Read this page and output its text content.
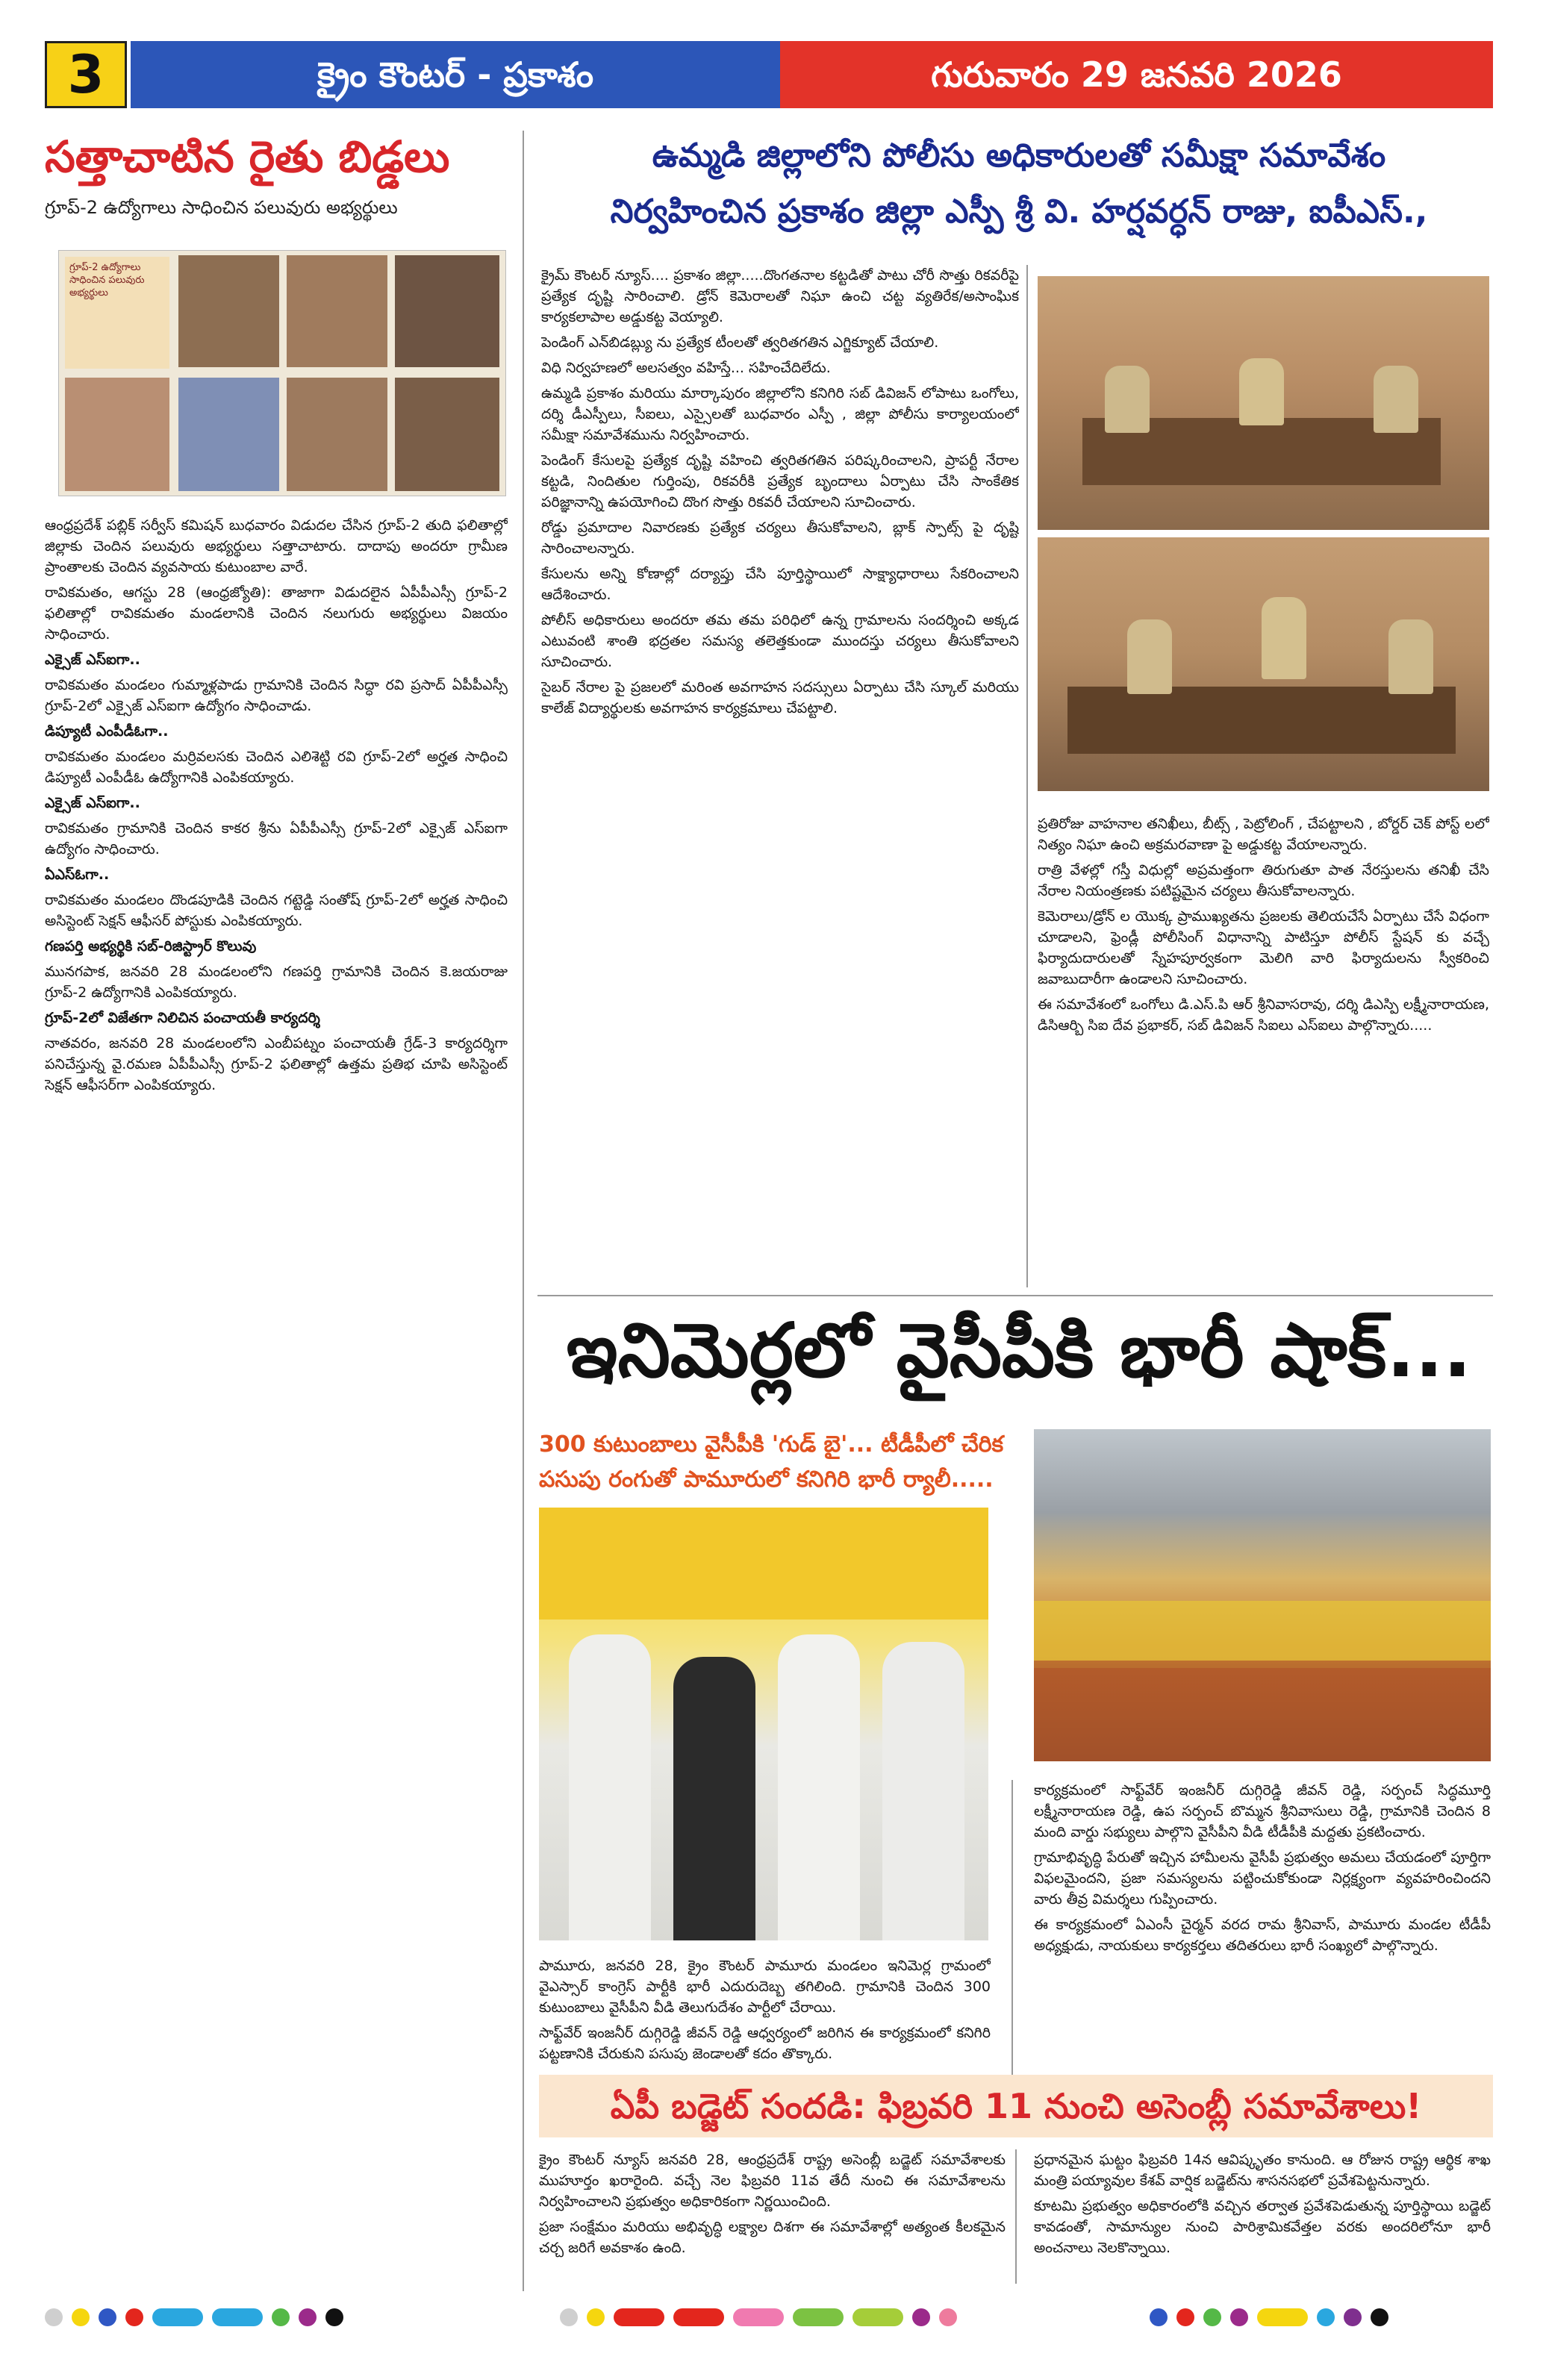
3	క్రైం కౌంటర్ - ప్రకాశం	గురువారం 29 జనవరి 2026
సత్తాచాటిన రైతు బిడ్డలు
గ్రూప్-2 ఉద్యోగాలు సాధించిన పలువురు అభ్యర్థులు
గ్రూప్-2 ఉద్యోగాలు సాధించిన పలువురు అభ్యర్థులు

ఆంధ్రప్రదేశ్ పబ్లిక్ సర్వీస్ కమిషన్ బుధవారం విడుదల చేసిన గ్రూప్-2 తుది ఫలితాల్లో జిల్లాకు చెందిన పలువురు అభ్యర్థులు సత్తాచాటారు. దాదాపు అందరూ గ్రామీణ ప్రాంతాలకు చెందిన వ్యవసాయ కుటుంబాల వారే.

రావికమతం, ఆగస్టు 28 (ఆంధ్రజ్యోతి): తాజాగా విడుదలైన ఏపీపీఎస్సీ గ్రూప్-2 ఫలితాల్లో రావికమతం మండలానికి చెందిన నలుగురు అభ్యర్థులు విజయం సాధించారు.

ఎక్సైజ్ ఎస్ఐగా..

రావికమతం మండలం గుమ్మాళ్లపాడు గ్రామానికి చెందిన సిద్ధా రవి ప్రసాద్ ఏపీపీఎస్సీ గ్రూప్-2లో ఎక్సైజ్ ఎస్ఐగా ఉద్యోగం సాధించాడు.

డిప్యూటీ ఎంపీడీఓగా..

రావికమతం మండలం మర్రివలసకు చెందిన ఎలిశెట్టి రవి గ్రూప్-2లో అర్హత సాధించి డిప్యూటీ ఎంపీడీఓ ఉద్యోగానికి ఎంపికయ్యారు.

ఎక్సైజ్ ఎస్ఐగా..

రావికమతం గ్రామానికి చెందిన కాకర శ్రీను ఏపీపీఎస్సీ గ్రూప్-2లో ఎక్సైజ్ ఎస్ఐగా ఉద్యోగం సాధించారు.

ఏఎస్ఓగా..

రావికమతం మండలం దొండపూడికి చెందిన గట్టెడ్డి సంతోష్ గ్రూప్-2లో అర్హత సాధించి అసిస్టెంట్ సెక్షన్ ఆఫీసర్ పోస్టుకు ఎంపికయ్యారు.

గణపర్తి అభ్యర్థికి సబ్-రిజిస్ట్రార్ కొలువు

మునగపాక, జనవరి 28 మండలంలోని గణపర్తి గ్రామానికి చెందిన కె.జయరాజు గ్రూప్-2 ఉద్యోగానికి ఎంపికయ్యారు.

గ్రూప్-2లో విజేతగా నిలిచిన పంచాయతీ కార్యదర్శి

నాతవరం, జనవరి 28 మండలంలోని ఎంబీపట్నం పంచాయతీ గ్రేడ్-3 కార్యదర్శిగా పనిచేస్తున్న వై.రమణ ఏపీపీఎస్సీ గ్రూప్-2 ఫలితాల్లో ఉత్తమ ప్రతిభ చూపి అసిస్టెంట్ సెక్షన్ ఆఫీసర్‌గా ఎంపికయ్యారు.

ఉమ్మడి జిల్లాలోని పోలీసు అధికారులతో సమీక్షా సమావేశం
నిర్వహించిన ప్రకాశం జిల్లా ఎస్పీ శ్రీ వి. హర్షవర్ధన్ రాజు, ఐపీఎస్.,

క్రైమ్ కౌంటర్ న్యూస్.... ప్రకాశం జిల్లా.....దొంగతనాల కట్టడితో పాటు చోరీ సొత్తు రికవరీపై ప్రత్యేక దృష్టి సారించాలి. డ్రోన్ కెమెరాలతో నిఘా ఉంచి చట్ట వ్యతిరేక/అసాంఘిక కార్యకలాపాల అడ్డుకట్ట వెయ్యాలి.

పెండింగ్ ఎన్‌బిడబ్ల్యు ను ప్రత్యేక టీంలతో త్వరితగతిన ఎగ్జిక్యూట్ చేయాలి.

విధి నిర్వహణలో అలసత్వం వహిస్తే... సహించేదిలేదు.

ఉమ్మడి ప్రకాశం మరియు మార్కాపురం జిల్లాలోని కనిగిరి సబ్ డివిజన్ లోపాటు ఒంగోలు, దర్శి డీఎస్పీలు, సీఐలు, ఎస్సైలతో బుధవారం ఎస్పీ , జిల్లా పోలీసు కార్యాలయంలో సమీక్షా సమావేశమును నిర్వహించారు.

పెండింగ్ కేసులపై ప్రత్యేక దృష్టి వహించి త్వరితగతిన పరిష్కరించాలని, ప్రాపర్టీ నేరాల కట్టడి, నిందితుల గుర్తింపు, రికవరీకి ప్రత్యేక బృందాలు ఏర్పాటు చేసి సాంకేతిక పరిజ్ఞానాన్ని ఉపయోగించి దొంగ సొత్తు రికవరీ చేయాలని సూచించారు.

రోడ్డు ప్రమాదాల నివారణకు ప్రత్యేక చర్యలు తీసుకోవాలని, బ్లాక్ స్పాట్స్ పై దృష్టి సారించాలన్నారు.

కేసులను అన్ని కోణాల్లో దర్యాప్తు చేసి పూర్తిస్థాయిలో సాక్ష్యాధారాలు సేకరించాలని ఆదేశించారు.

పోలీస్ అధికారులు అందరూ తమ తమ పరిధిలో ఉన్న గ్రామాలను సందర్శించి అక్కడ ఎటువంటి శాంతి భద్రతల సమస్య తలెత్తకుండా ముందస్తు చర్యలు తీసుకోవాలని సూచించారు.

సైబర్ నేరాల పై ప్రజలలో మరింత అవగాహన సదస్సులు ఏర్పాటు చేసి స్కూల్ మరియు కాలేజ్ విద్యార్థులకు అవగాహన కార్యక్రమాలు చేపట్టాలి.

ప్రతిరోజు వాహనాల తనిఖీలు, బీట్స్ , పెట్రోలింగ్ , చేపట్టాలని , బోర్డర్ చెక్ పోస్ట్ లలో నిత్యం నిఘా ఉంచి అక్రమరవాణా పై అడ్డుకట్ట వేయాలన్నారు.

రాత్రి వేళల్లో గస్తీ విధుల్లో అప్రమత్తంగా తిరుగుతూ పాత నేరస్తులను తనిఖీ చేసి నేరాల నియంత్రణకు పటిష్టమైన చర్యలు తీసుకోవాలన్నారు.

కెమెరాలు/డ్రోన్ ల యొక్క ప్రాముఖ్యతను ప్రజలకు తెలియచేసే ఏర్పాటు చేసే విధంగా చూడాలని, ఫ్రెండ్లీ పోలీసింగ్ విధానాన్ని పాటిస్తూ పోలీస్ స్టేషన్ కు వచ్చే ఫిర్యాదుదారులతో స్నేహపూర్వకంగా మెలిగి వారి ఫిర్యాదులను స్వీకరించి జవాబుదారీగా ఉండాలని సూచించారు.

ఈ సమావేశంలో ఒంగోలు డి.ఎస్.పి ఆర్ శ్రీనివాసరావు, దర్శి డిఎస్పి లక్ష్మీనారాయణ, డిసిఆర్బి సిఐ దేవ ప్రభాకర్, సబ్ డివిజన్ సిఐలు ఎస్ఐలు పాల్గొన్నారు.....

ఇనిమెర్లలో వైసీపీకి భారీ షాక్...
300 కుటుంబాలు వైసీపీకి 'గుడ్ బై'... టీడీపీలో చేరిక
పసుపు రంగుతో పామూరులో కనిగిరి భారీ ర్యాలీ.....

పామూరు, జనవరి 28, క్రైం కౌంటర్ పామూరు మండలం ఇనిమెర్ల గ్రామంలో వైఎస్సార్ కాంగ్రెస్ పార్టీకి భారీ ఎదురుదెబ్బ తగిలింది. గ్రామానికి చెందిన 300 కుటుంబాలు వైసీపీని వీడి తెలుగుదేశం పార్టీలో చేరాయి.

సాఫ్ట్‌వేర్ ఇంజనీర్ దుగ్గిరెడ్డి జీవన్ రెడ్డి ఆధ్వర్యంలో జరిగిన ఈ కార్యక్రమంలో కనిగిరి పట్టణానికి చేరుకుని పసుపు జెండాలతో కదం తొక్కారు.

కార్యక్రమంలో సాఫ్ట్‌వేర్ ఇంజనీర్ దుగ్గిరెడ్డి జీవన్ రెడ్డి, సర్పంచ్ సిద్ధమూర్తి లక్ష్మీనారాయణ రెడ్డి, ఉప సర్పంచ్ బొమ్మన శ్రీనివాసులు రెడ్డి, గ్రామానికి చెందిన 8 మంది వార్డు సభ్యులు పాల్గొని వైసీపీని వీడి టీడీపీకి మద్దతు ప్రకటించారు.

గ్రామాభివృద్ధి పేరుతో ఇచ్చిన హామీలను వైసీపీ ప్రభుత్వం అమలు చేయడంలో పూర్తిగా విఫలమైందని, ప్రజా సమస్యలను పట్టించుకోకుండా నిర్లక్ష్యంగా వ్యవహరించిందని వారు తీవ్ర విమర్శలు గుప్పించారు.

ఈ కార్యక్రమంలో ఏఎంసీ చైర్మన్ వరద రామ శ్రీనివాస్, పామూరు మండల టీడీపీ అధ్యక్షుడు, నాయకులు కార్యకర్తలు తదితరులు భారీ సంఖ్యలో పాల్గొన్నారు.

ఏపీ బడ్జెట్ సందడి: ఫిబ్రవరి 11 నుంచి అసెంబ్లీ సమావేశాలు!

క్రైం కౌంటర్ న్యూస్ జనవరి 28, ఆంధ్రప్రదేశ్ రాష్ట్ర అసెంబ్లీ బడ్జెట్ సమావేశాలకు ముహూర్తం ఖరారైంది. వచ్చే నెల ఫిబ్రవరి 11వ తేదీ నుంచి ఈ సమావేశాలను నిర్వహించాలని ప్రభుత్వం అధికారికంగా నిర్ణయించింది.

ప్రజా సంక్షేమం మరియు అభివృద్ధి లక్ష్యాల దిశగా ఈ సమావేశాల్లో అత్యంత కీలకమైన చర్చ జరిగే అవకాశం ఉంది.

ప్రధానమైన ఘట్టం ఫిబ్రవరి 14న ఆవిష్కృతం కానుంది. ఆ రోజున రాష్ట్ర ఆర్థిక శాఖ మంత్రి పయ్యావుల కేశవ్ వార్షిక బడ్జెట్‌ను శాసనసభలో ప్రవేశపెట్టనున్నారు.

కూటమి ప్రభుత్వం అధికారంలోకి వచ్చిన తర్వాత ప్రవేశపెడుతున్న పూర్తిస్థాయి బడ్జెట్ కావడంతో, సామాన్యుల నుంచి పారిశ్రామికవేత్తల వరకు అందరిలోనూ భారీ అంచనాలు నెలకొన్నాయి.
